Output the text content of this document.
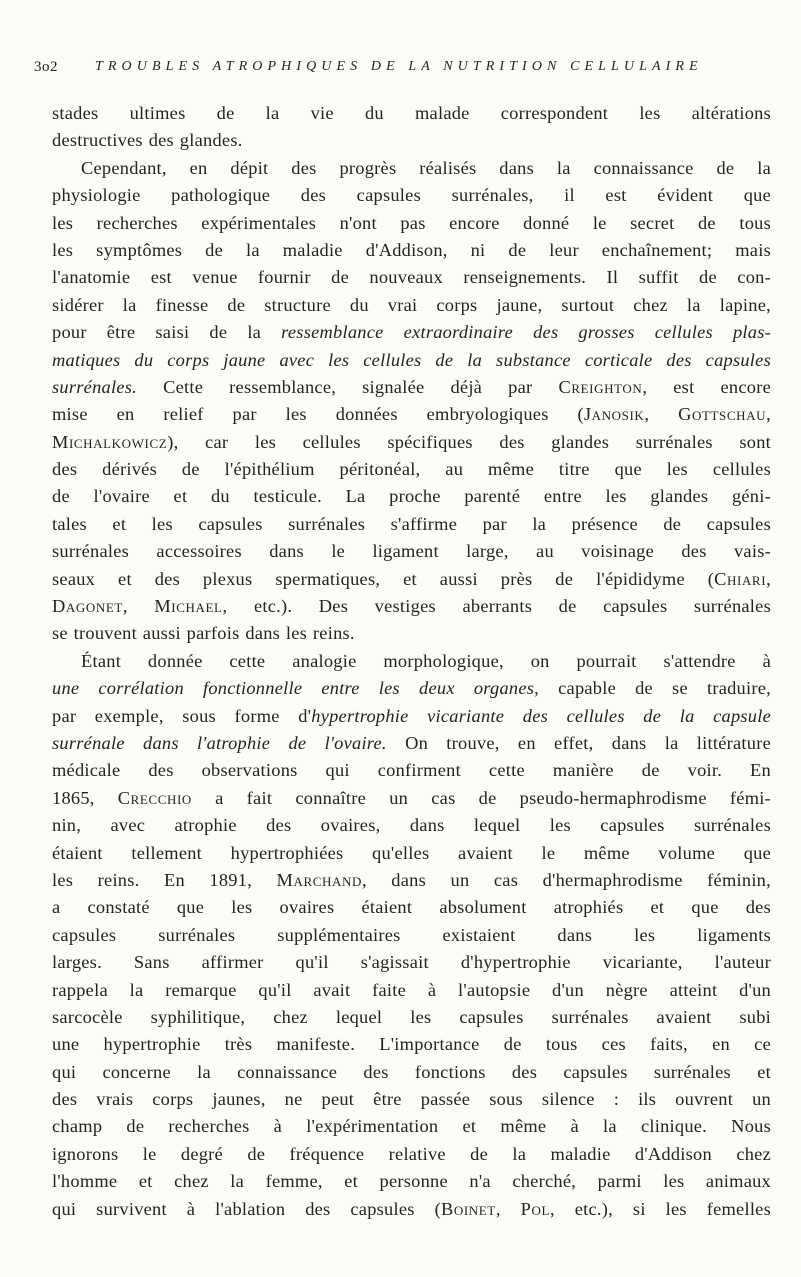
3o2	TROUBLES ATROPHIQUES DE LA NUTRITION CELLULAIRE
stades ultimes de la vie du malade correspondent les altérations
destructives des glandes.
Cependant, en dépit des progrès réalisés dans la connaissance de la
physiologie pathologique des capsules surrénales, il est évident que
les recherches expérimentales n'ont pas encore donné le secret de tous
les symptômes de la maladie d'Addison, ni de leur enchaînement; mais
l'anatomie est venue fournir de nouveaux renseignements. Il suffit de con-
sidérer la finesse de structure du vrai corps jaune, surtout chez la lapine,
pour être saisi de la ressemblance extraordinaire des grosses cellules plas-
matiques du corps jaune avec les cellules de la substance corticale des capsules
surrénales. Cette ressemblance, signalée déjà par Creighton, est encore
mise en relief par les données embryologiques (Janosik, Gottschau,
Michalkowicz), car les cellules spécifiques des glandes surrénales sont
des dérivés de l'épithélium péritonéal, au même titre que les cellules
de l'ovaire et du testicule. La proche parenté entre les glandes géni-
tales et les capsules surrénales s'affirme par la présence de capsules
surrénales accessoires dans le ligament large, au voisinage des vais-
seaux et des plexus spermatiques, et aussi près de l'épididyme (Chiari,
Dagonet, Michael, etc.). Des vestiges aberrants de capsules surrénales
se trouvent aussi parfois dans les reins.
Étant donnée cette analogie morphologique, on pourrait s'attendre à
une corrélation fonctionnelle entre les deux organes, capable de se traduire,
par exemple, sous forme d'hypertrophie vicariante des cellules de la capsule
surrénale dans l'atrophie de l'ovaire. On trouve, en effet, dans la littérature
médicale des observations qui confirment cette manière de voir. En
1865, Crecchio a fait connaître un cas de pseudo-hermaphrodisme fémi-
nin, avec atrophie des ovaires, dans lequel les capsules surrénales
étaient tellement hypertrophiées qu'elles avaient le même volume que
les reins. En 1891, Marchand, dans un cas d'hermaphrodisme féminin,
a constaté que les ovaires étaient absolument atrophiés et que des
capsules surrénales supplémentaires existaient dans les ligaments
larges. Sans affirmer qu'il s'agissait d'hypertrophie vicariante, l'auteur
rappela la remarque qu'il avait faite à l'autopsie d'un nègre atteint d'un
sarcocèle syphilitique, chez lequel les capsules surrénales avaient subi
une hypertrophie très manifeste. L'importance de tous ces faits, en ce
qui concerne la connaissance des fonctions des capsules surrénales et
des vrais corps jaunes, ne peut être passée sous silence : ils ouvrent un
champ de recherches à l'expérimentation et même à la clinique. Nous
ignorons le degré de fréquence relative de la maladie d'Addison chez
l'homme et chez la femme, et personne n'a cherché, parmi les animaux
qui survivent à l'ablation des capsules (Boinet, Pol, etc.), si les femelles
